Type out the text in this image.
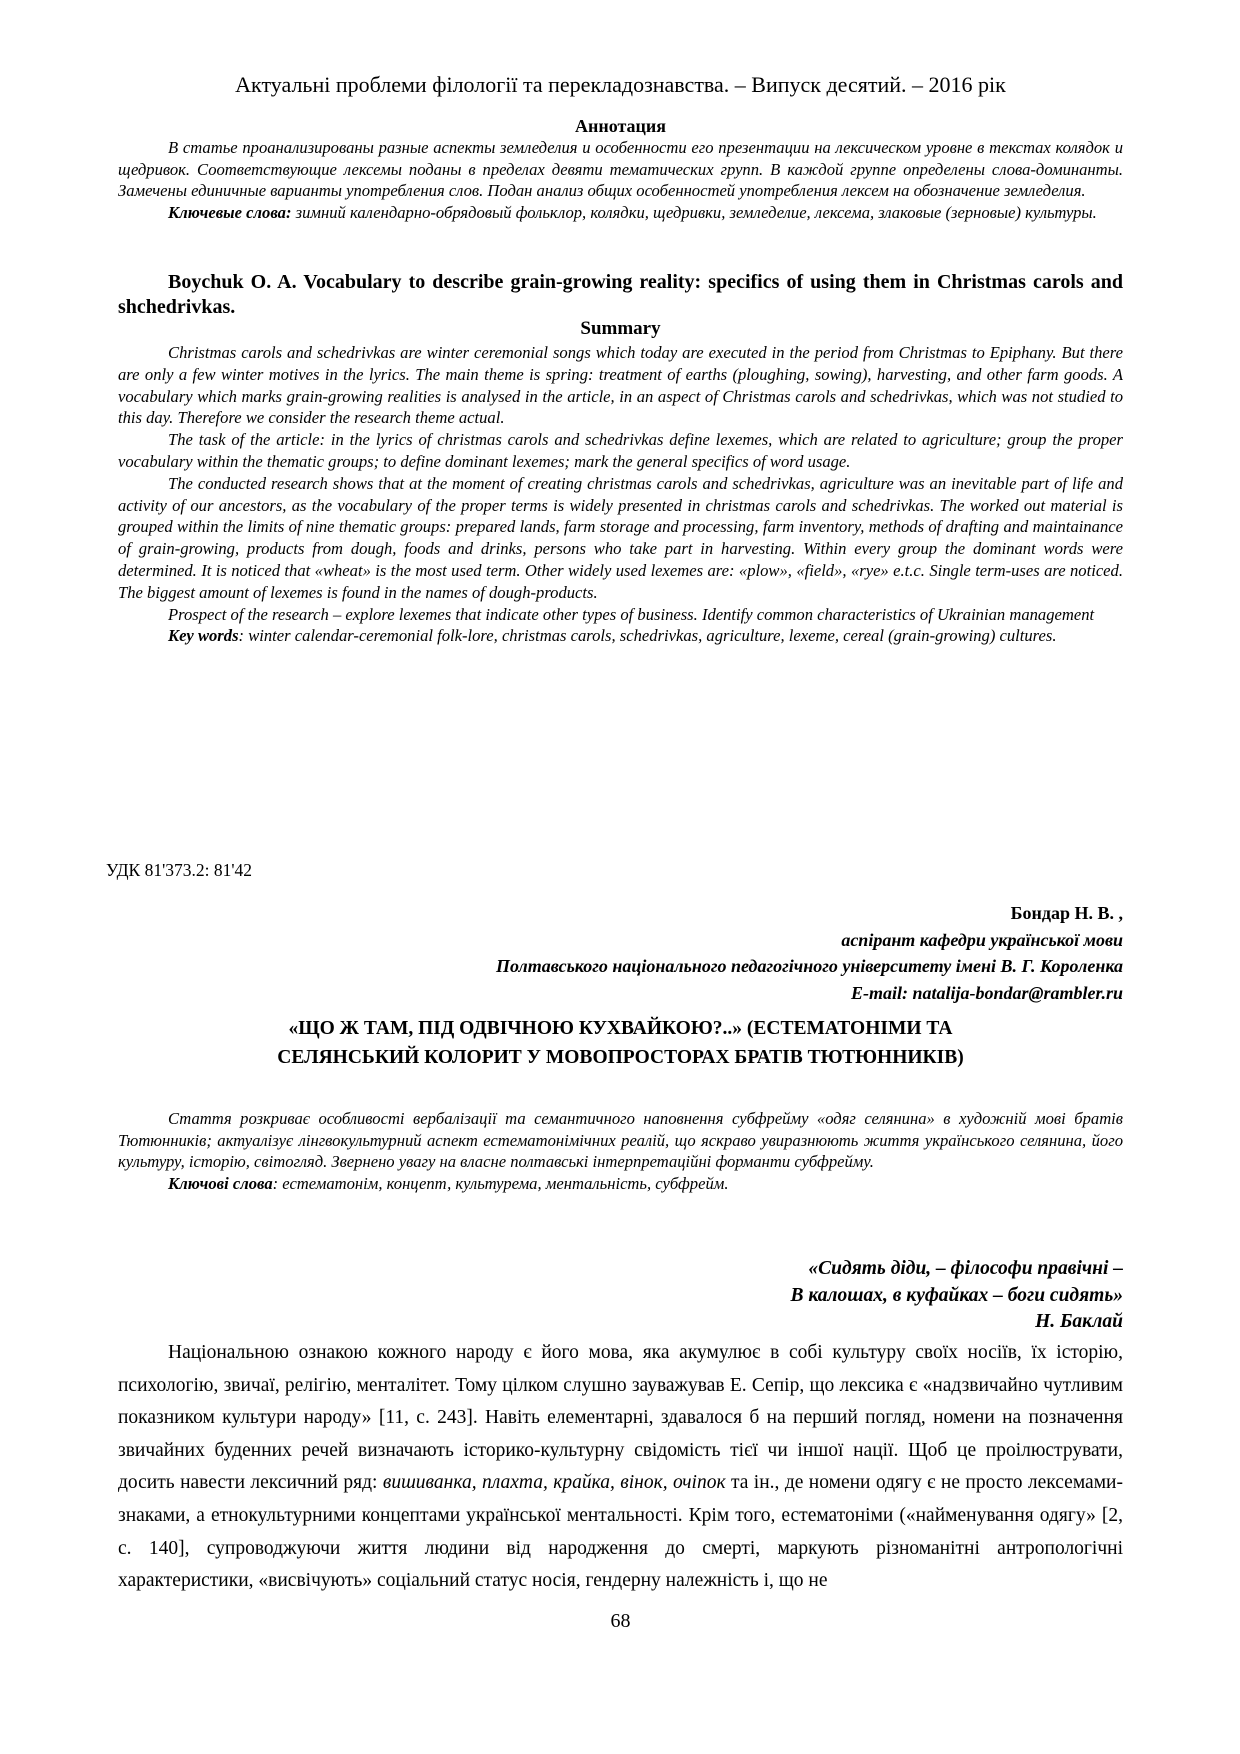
Актуальні проблеми філології та перекладознавства. – Випуск десятий. – 2016 рік
Аннотация

В статье проанализированы разные аспекты земледелия и особенности его презентации на лексическом уровне в текстах колядок и щедривок. Соответствующие лексемы поданы в пределах девяти тематических групп. В каждой группе определены слова-доминанты. Замечены единичные варианты употребления слов. Подан анализ общих особенностей употребления лексем на обозначение земледелия.

Ключевые слова: зимний календарно-обрядовый фольклор, колядки, щедривки, земледелие, лексема, злаковые (зерновые) культуры.

Boychuk O. A. Vocabulary to describe grain-growing reality: specifics of using them in Christmas carols and shchedrivkas.
Summary

Christmas carols and schedrivkas are winter ceremonial songs which today are executed in the period from Christmas to Epiphany. But there are only a few winter motives in the lyrics. The main theme is spring: treatment of earths (ploughing, sowing), harvesting, and other farm goods. A vocabulary which marks grain-growing realities is analysed in the article, in an aspect of Christmas carols and schedrivkas, which was not studied to this day. Therefore we consider the research theme actual.

The task of the article: in the lyrics of christmas carols and schedrivkas define lexemes, which are related to agriculture; group the proper vocabulary within the thematic groups; to define dominant lexemes; mark the general specifics of word usage.

The conducted research shows that at the moment of creating christmas carols and schedrivkas, agriculture was an inevitable part of life and activity of our ancestors, as the vocabulary of the proper terms is widely presented in christmas carols and schedrivkas. The worked out material is grouped within the limits of nine thematic groups: prepared lands, farm storage and processing, farm inventory, methods of drafting and maintainance of grain-growing, products from dough, foods and drinks, persons who take part in harvesting. Within every group the dominant words were determined. It is noticed that «wheat» is the most used term. Other widely used lexemes are: «plow», «field», «rye» e.t.c. Single term-uses are noticed. The biggest amount of lexemes is found in the names of dough-products.

Prospect of the research – explore lexemes that indicate other types of business. Identify common characteristics of Ukrainian management

Key words: winter calendar-ceremonial folk-lore, christmas carols, schedrivkas, agriculture, lexeme, cereal (grain-growing) cultures.

УДК 81'373.2: 81'42
Бондар Н. В. ,
аспірант кафедри української мови
Полтавського національного педагогічного університету імені В. Г. Короленка
E-mail: natalija-bondar@rambler.ru
«ЩО Ж ТАМ, ПІД ОДВІЧНОЮ КУХВАЙКОЮ?..» (ЕСТЕМАТОНІМИ ТА
СЕЛЯНСЬКИЙ КОЛОРИТ У МОВОПРОСТОРАХ БРАТІВ ТЮТЮННИКІВ)

Стаття розкриває особливості вербалізації та семантичного наповнення субфрейму «одяг селянина» в художній мові братів Тютюнників; актуалізує лінгвокультурний аспект естематонімічних реалій, що яскраво увиразнюють життя українського селянина, його культуру, історію, світогляд. Звернено увагу на власне полтавські інтерпретаційні форманти субфрейму.

Ключові слова: естематонім, концепт, культурема, ментальність, субфрейм.

«Сидять діди, – філософи правічні –
В калошах, в куфайках – боги сидять»
Н. Баклай

Національною ознакою кожного народу є його мова, яка акумулює в собі культуру своїх носіїв, їх історію, психологію, звичаї, релігію, менталітет. Тому цілком слушно зауважував Е. Сепір, що лексика є «надзвичайно чутливим показником культури народу» [11, с. 243]. Навіть елементарні, здавалося б на перший погляд, номени на позначення звичайних буденних речей визначають історико-культурну свідомість тієї чи іншої нації. Щоб це проілюструвати, досить навести лексичний ряд: вишиванка, плахта, крайка, вінок, очіпок та ін., де номени одягу є не просто лексемами-знаками, а етнокультурними концептами української ментальності. Крім того, естематоніми («найменування одягу» [2, с. 140], супроводжуючи життя людини від народження до смерті, маркують різноманітні антропологічні характеристики, «висвічують» соціальний статус носія, гендерну належність і, що не

68
